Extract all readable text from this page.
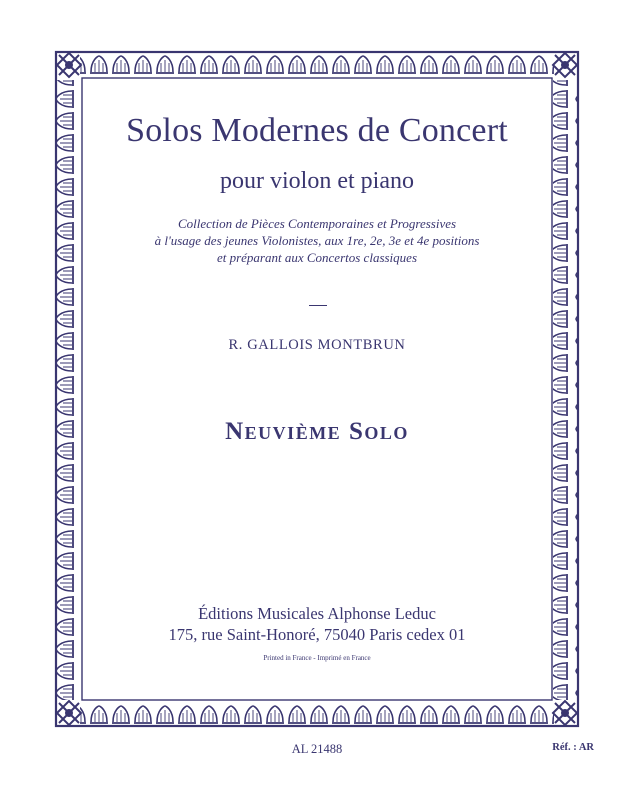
Solos Modernes de Concert
pour violon et piano
Collection de Pièces Contemporaines et Progressives
à l'usage des jeunes Violonistes, aux 1re, 2e, 3e et 4e positions
et préparant aux Concertos classiques
R. GALLOIS MONTBRUN
Neuvième Solo
Éditions Musicales Alphonse Leduc
175, rue Saint-Honoré, 75040 Paris cedex 01
Printed in France - Imprimé en France
AL 21488	Réf. : AR
